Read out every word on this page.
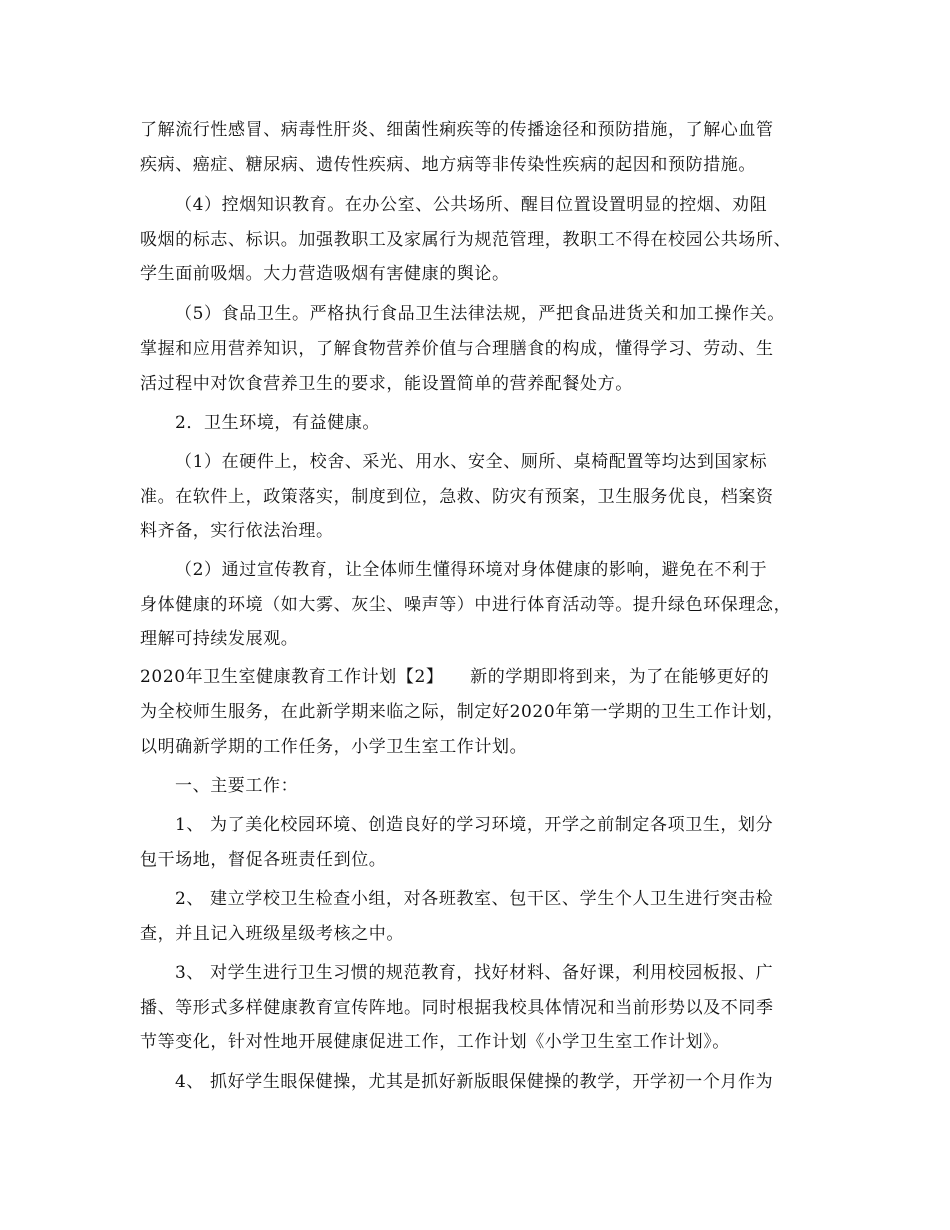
了解流行性感冒、病毒性肝炎、细菌性痢疾等的传播途径和预防措施，了解心血管

疾病、癌症、糖尿病、遗传性疾病、地方病等非传染性疾病的起因和预防措施。

（4）控烟知识教育。在办公室、公共场所、醒目位置设置明显的控烟、劝阻

吸烟的标志、标识。加强教职工及家属行为规范管理，教职工不得在校园公共场所、

学生面前吸烟。大力营造吸烟有害健康的舆论。

（5）食品卫生。严格执行食品卫生法律法规，严把食品进货关和加工操作关。

掌握和应用营养知识，了解食物营养价值与合理膳食的构成，懂得学习、劳动、生

活过程中对饮食营养卫生的要求，能设置简单的营养配餐处方。

2．卫生环境，有益健康。

（1）在硬件上，校舍、采光、用水、安全、厕所、桌椅配置等均达到国家标

准。在软件上，政策落实，制度到位，急救、防灾有预案，卫生服务优良，档案资

料齐备，实行依法治理。

（2）通过宣传教育，让全体师生懂得环境对身体健康的影响，避免在不利于

身体健康的环境（如大雾、灰尘、噪声等）中进行体育活动等。提升绿色环保理念，

理解可持续发展观。

2020年卫生室健康教育工作计划【2】　　新的学期即将到来，为了在能够更好的

为全校师生服务，在此新学期来临之际，制定好2020年第一学期的卫生工作计划，

以明确新学期的工作任务，小学卫生室工作计划。

一、主要工作：

1、 为了美化校园环境、创造良好的学习环境，开学之前制定各项卫生，划分

包干场地，督促各班责任到位。

2、 建立学校卫生检查小组，对各班教室、包干区、学生个人卫生进行突击检

查，并且记入班级星级考核之中。

3、 对学生进行卫生习惯的规范教育，找好材料、备好课，利用校园板报、广

播、等形式多样健康教育宣传阵地。同时根据我校具体情况和当前形势以及不同季

节等变化，针对性地开展健康促进工作，工作计划《小学卫生室工作计划》。

4、 抓好学生眼保健操，尤其是抓好新版眼保健操的教学，开学初一个月作为
